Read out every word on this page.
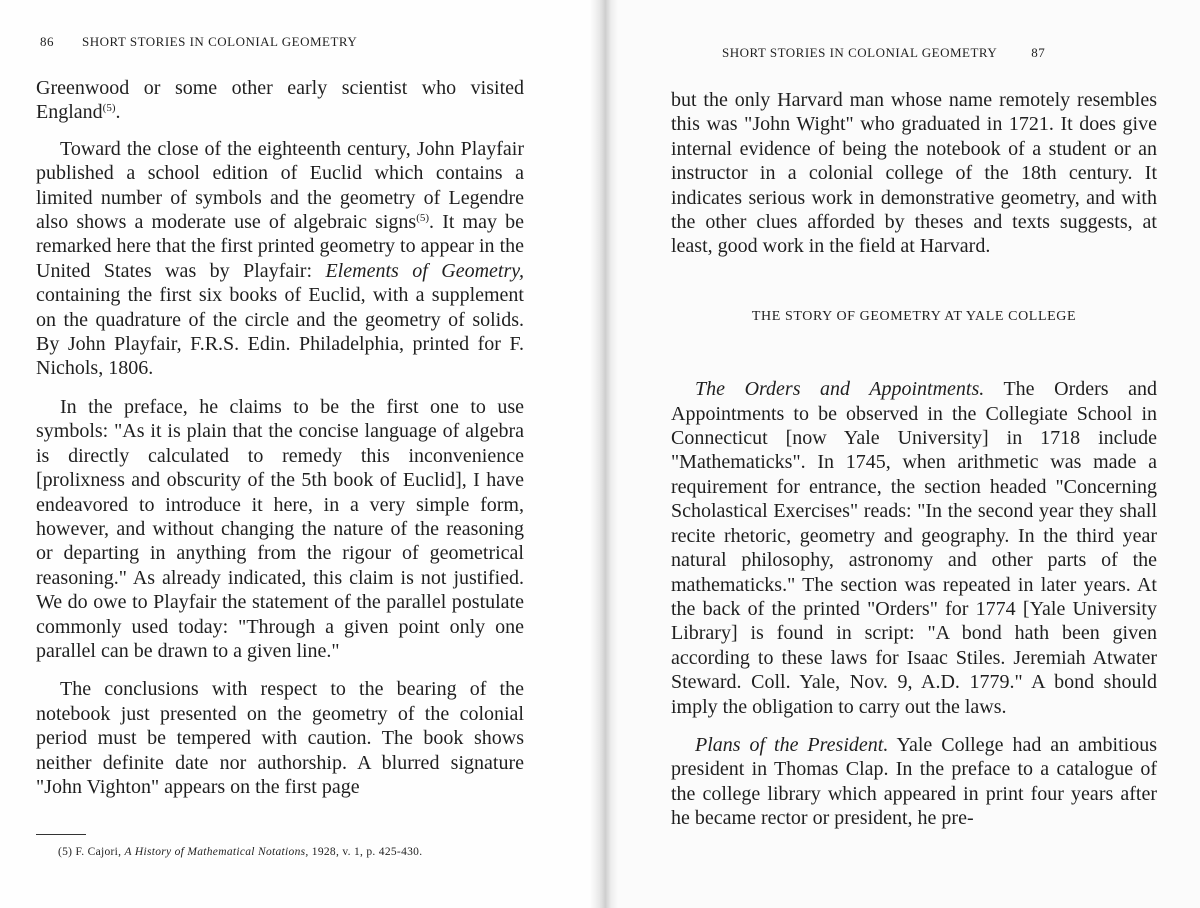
86 SHORT STORIES IN COLONIAL GEOMETRY

Greenwood or some other early scientist who visited England$^{(5)}$.

Toward the close of the eighteenth century, John Playfair published a school edition of Euclid which contains a limited number of symbols and the geometry of Legendre also shows a moderate use of algebraic signs$^{(5)}$. It may be remarked here that the first printed geometry to appear in the United States was by Playfair: Elements of Geometry, containing the first six books of Euclid, with a supplement on the quadrature of the circle and the geometry of solids. By John Playfair, F.R.S. Edin. Philadelphia, printed for F. Nichols, 1806.

In the preface, he claims to be the first one to use symbols: "As it is plain that the concise language of algebra is directly calculated to remedy this inconvenience [prolixness and obscurity of the 5th book of Euclid], I have endeavored to introduce it here, in a very simple form, however, and without changing the nature of the reasoning or departing in anything from the rigour of geometrical reasoning." As already indicated, this claim is not justified. We do owe to Playfair the statement of the parallel postulate commonly used today: "Through a given point only one parallel can be drawn to a given line."

The conclusions with respect to the bearing of the notebook just presented on the geometry of the colonial period must be tempered with caution. The book shows neither definite date nor authorship. A blurred signature "John Vighton" appears on the first page

(5) F. Cajori, A History of Mathematical Notations, 1928, v. 1, p. 425-430.
SHORT STORIES IN COLONIAL GEOMETRY	87

but the only Harvard man whose name remotely resembles this was "John Wight" who graduated in 1721. It does give internal evidence of being the notebook of a student or an instructor in a colonial college of the 18th century. It indicates serious work in demonstrative geometry, and with the other clues afforded by theses and texts suggests, at least, good work in the field at Harvard.

THE STORY OF GEOMETRY AT YALE COLLEGE

The Orders and Appointments. The Orders and Appointments to be observed in the Collegiate School in Connecticut [now Yale University] in 1718 include "Mathematicks". In 1745, when arithmetic was made a requirement for entrance, the section headed "Concerning Scholastical Exercises" reads: "In the second year they shall recite rhetoric, geometry and geography. In the third year natural philosophy, astronomy and other parts of the mathematicks." The section was repeated in later years. At the back of the printed "Orders" for 1774 [Yale University Library] is found in script: "A bond hath been given according to these laws for Isaac Stiles. Jeremiah Atwater Steward. Coll. Yale, Nov. 9, A.D. 1779." A bond should imply the obligation to carry out the laws.

Plans of the President. Yale College had an ambitious president in Thomas Clap. In the preface to a catalogue of the college library which appeared in print four years after he became rector or president, he pre-
